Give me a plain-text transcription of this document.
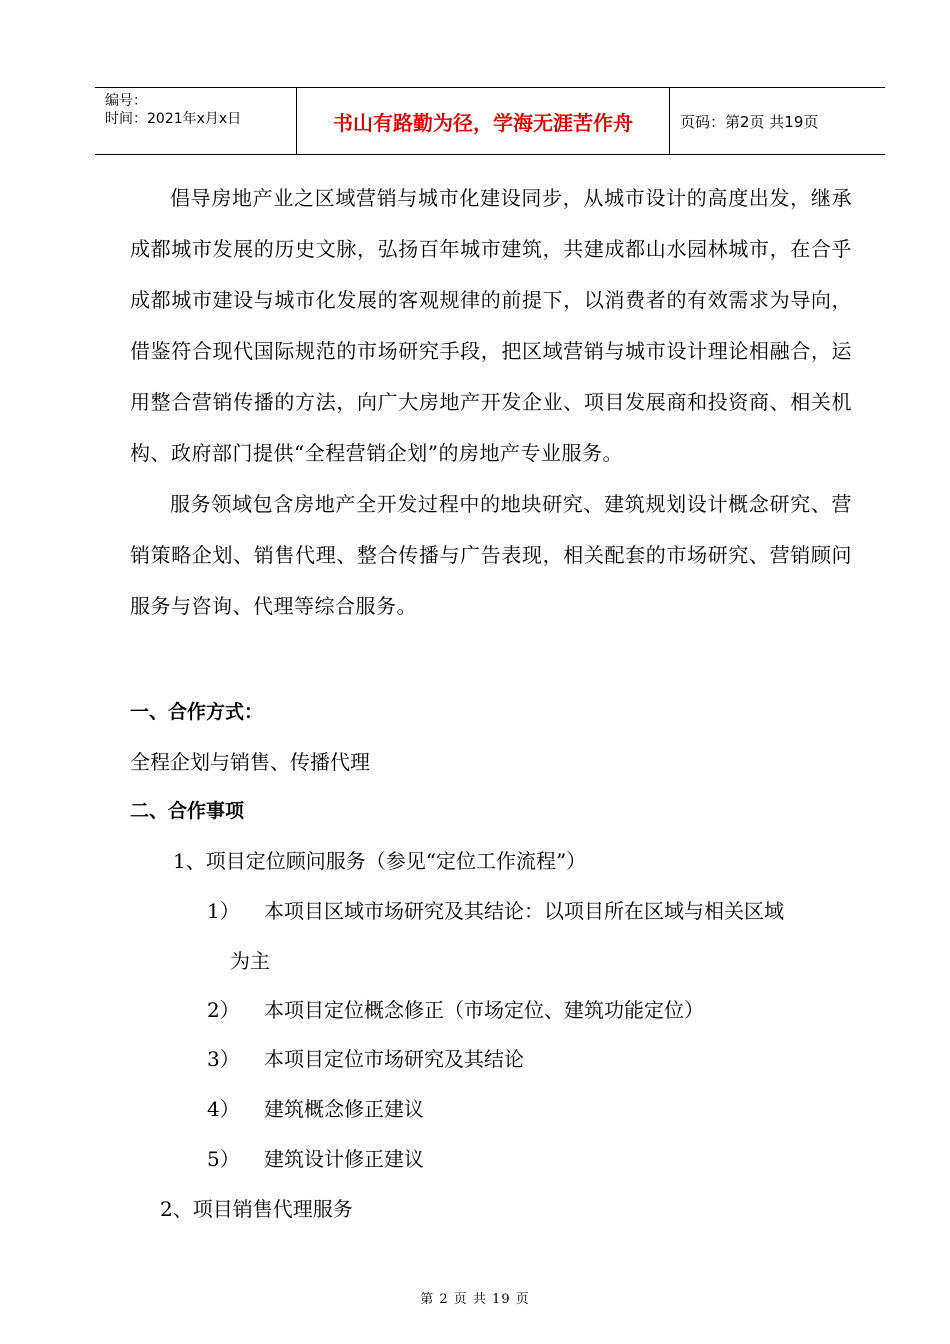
编号：
时间：2021年x月x日	书山有路勤为径，学海无涯苦作舟	页码：第2页 共19页

倡导房地产业之区域营销与城市化建设同步，从城市设计的高度出发，继承成都城市发展的历史文脉，弘扬百年城市建筑，共建成都山水园林城市，在合乎成都城市建设与城市化发展的客观规律的前提下，以消费者的有效需求为导向，借鉴符合现代国际规范的市场研究手段，把区域营销与城市设计理论相融合，运用整合营销传播的方法，向广大房地产开发企业、项目发展商和投资商、相关机构、政府部门提供“全程营销企划”的房地产专业服务。

服务领域包含房地产全开发过程中的地块研究、建筑规划设计概念研究、营销策略企划、销售代理、整合传播与广告表现，相关配套的市场研究、营销顾问服务与咨询、代理等综合服务。

一、合作方式：
全程企划与销售、传播代理
二、合作事项
1、项目定位顾问服务（参见“定位工作流程”）
1） 本项目区域市场研究及其结论：以项目所在区域与相关区域
为主
2） 本项目定位概念修正（市场定位、建筑功能定位）
3） 本项目定位市场研究及其结论
4） 建筑概念修正建议
5） 建筑设计修正建议
2、项目销售代理服务
第 2 页 共 19 页
